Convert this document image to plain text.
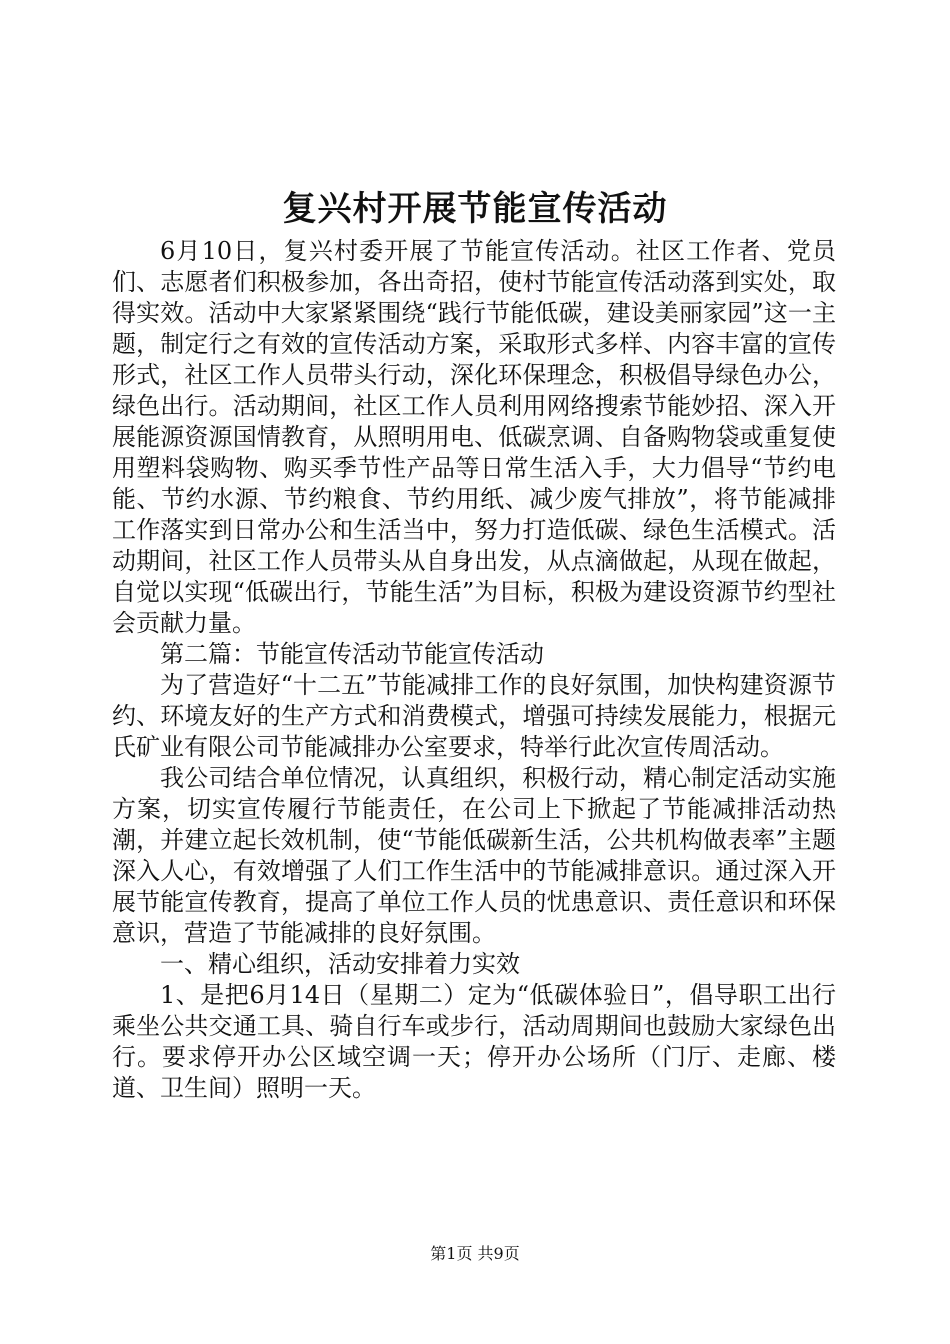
复兴村开展节能宣传活动

6月10日，复兴村委开展了节能宣传活动。社区工作者、党员们、志愿者们积极参加，各出奇招，使村节能宣传活动落到实处，取得实效。活动中大家紧紧围绕“践行节能低碳，建设美丽家园”这一主题，制定行之有效的宣传活动方案，采取形式多样、内容丰富的宣传形式，社区工作人员带头行动，深化环保理念，积极倡导绿色办公，绿色出行。活动期间，社区工作人员利用网络搜索节能妙招、深入开展能源资源国情教育，从照明用电、低碳烹调、自备购物袋或重复使用塑料袋购物、购买季节性产品等日常生活入手，大力倡导“节约电能、节约水源、节约粮食、节约用纸、减少废气排放”，将节能减排工作落实到日常办公和生活当中，努力打造低碳、绿色生活模式。活动期间，社区工作人员带头从自身出发，从点滴做起，从现在做起，自觉以实现“低碳出行，节能生活”为目标，积极为建设资源节约型社会贡献力量。

第二篇：节能宣传活动节能宣传活动

为了营造好“十二五”节能减排工作的良好氛围，加快构建资源节约、环境友好的生产方式和消费模式，增强可持续发展能力，根据元氏矿业有限公司节能减排办公室要求，特举行此次宣传周活动。

我公司结合单位情况，认真组织，积极行动，精心制定活动实施方案，切实宣传履行节能责任，在公司上下掀起了节能减排活动热潮，并建立起长效机制，使“节能低碳新生活，公共机构做表率”主题深入人心，有效增强了人们工作生活中的节能减排意识。通过深入开展节能宣传教育，提高了单位工作人员的忧患意识、责任意识和环保意识，营造了节能减排的良好氛围。

一、精心组织，活动安排着力实效

1、是把6月14日（星期二）定为“低碳体验日”，倡导职工出行乘坐公共交通工具、骑自行车或步行，活动周期间也鼓励大家绿色出行。要求停开办公区域空调一天；停开办公场所（门厅、走廊、楼道、卫生间）照明一天。

第1页 共9页
